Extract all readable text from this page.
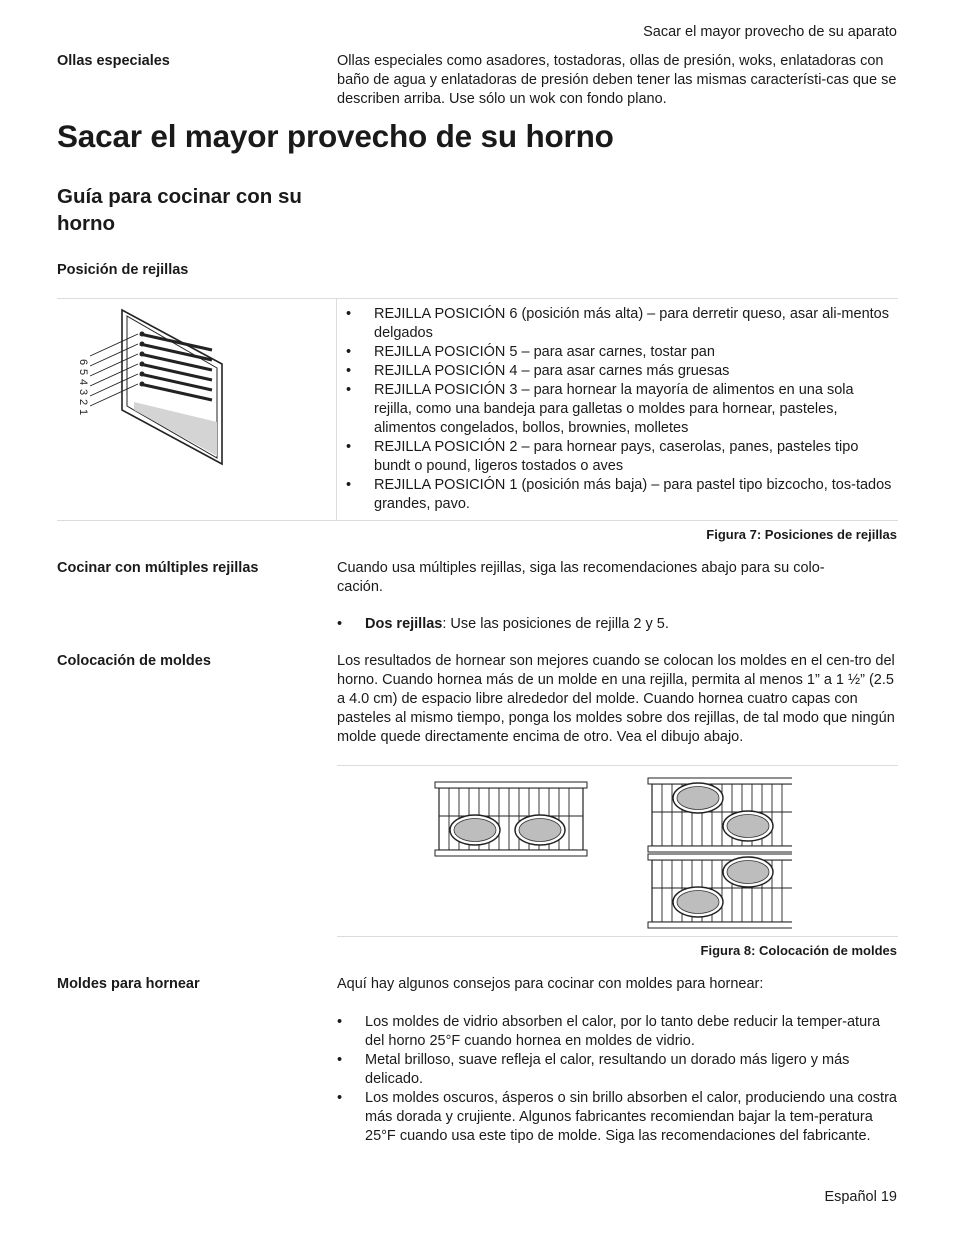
Sacar el mayor provecho de su aparato
Ollas especiales	Ollas especiales como asadores, tostadoras, ollas de presión, woks, enlatadoras con baño de agua y enlatadoras de presión deben tener las mismas característi-cas que se describen arriba. Use sólo un wok con fondo plano.

Sacar el mayor provecho de su horno
Guía para cocinar con su horno
Posición de rejillas
6
5
4
3
2
1
• REJILLA POSICIÓN 6 (posición más alta) – para derretir queso, asar ali-mentos delgados
• REJILLA POSICIÓN 5 – para asar carnes, tostar pan
• REJILLA POSICIÓN 4 – para asar carnes más gruesas
• REJILLA POSICIÓN 3 – para hornear la mayoría de alimentos en una sola rejilla, como una bandeja para galletas o moldes para hornear, pasteles, alimentos congelados, bollos, brownies, molletes
• REJILLA POSICIÓN 2 – para hornear pays, caserolas, panes, pasteles tipo bundt o pound, ligeros tostados o aves
• REJILLA POSICIÓN 1 (posición más baja) – para pastel tipo bizcocho, tos-tados grandes, pavo.
Figura 7: Posiciones de rejillas
Cocinar con múltiples rejillas	Cuando usa múltiples rejillas, siga las recomendaciones abajo para su colo-cación.

• Dos rejillas: Use las posiciones de rejilla 2 y 5.
Colocación de moldes	Los resultados de hornear son mejores cuando se colocan los moldes en el cen-tro del horno. Cuando hornea más de un molde en una rejilla, permita al menos 1” a 1 ½” (2.5 a 4.0 cm) de espacio libre alrededor del molde. Cuando hornea cuatro capas con pasteles al mismo tiempo, ponga los moldes sobre dos rejillas, de tal modo que ningún molde quede directamente encima de otro. Vea el dibujo abajo.

Figura 8: Colocación de moldes
Moldes para hornear	Aquí hay algunos consejos para cocinar con moldes para hornear:

• Los moldes de vidrio absorben el calor, por lo tanto debe reducir la temper-atura del horno 25°F cuando hornea en moldes de vidrio.
• Metal brilloso, suave refleja el calor, resultando un dorado más ligero y más delicado.
• Los moldes oscuros, ásperos o sin brillo absorben el calor, produciendo una costra más dorada y crujiente. Algunos fabricantes recomiendan bajar la tem-peratura 25°F cuando usa este tipo de molde. Siga las recomendaciones del fabricante.
Español 19
